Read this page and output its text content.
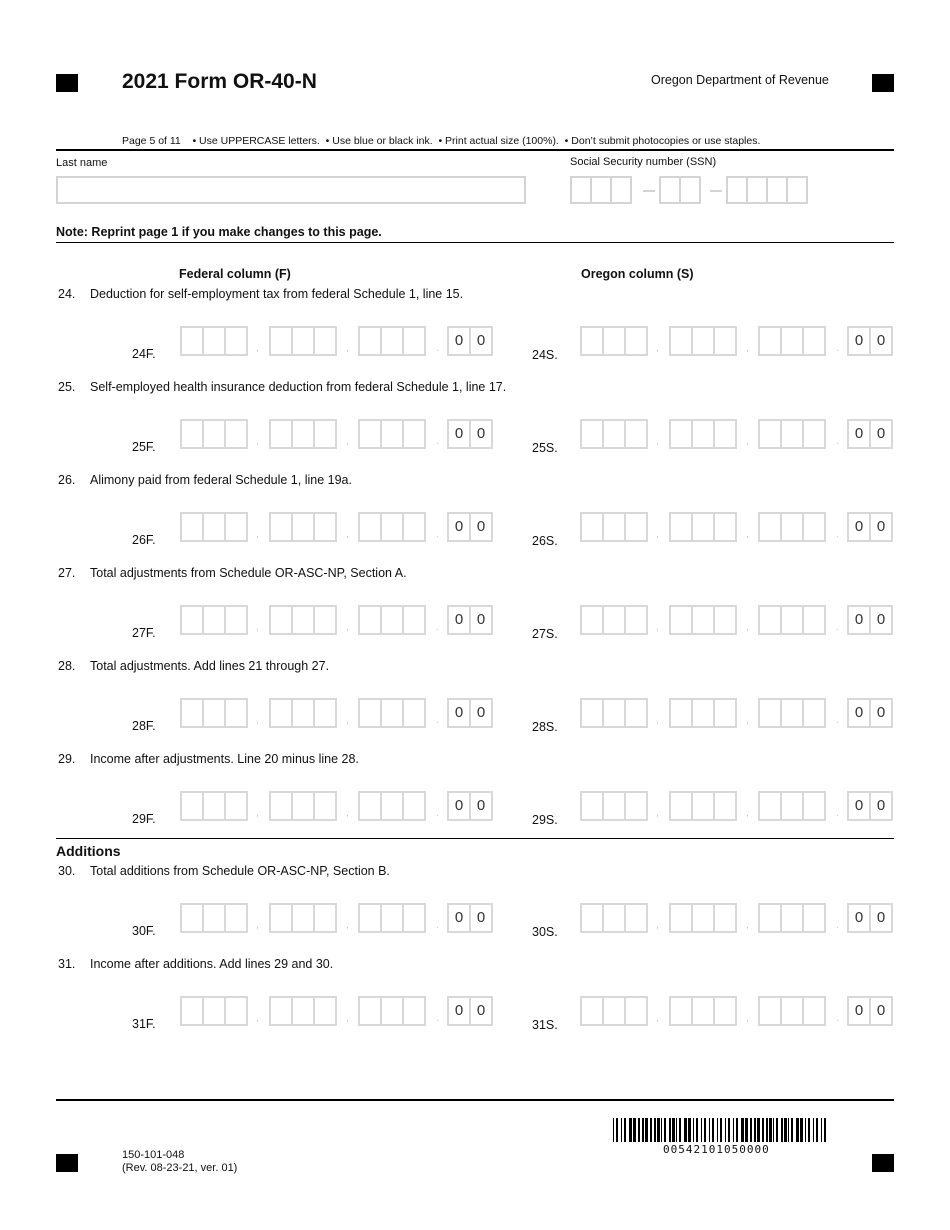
2021 Form OR-40-N	Oregon Department of Revenue
Page 5 of 11    • Use UPPERCASE letters.  • Use blue or black ink.  • Print actual size (100%).  • Don’t submit photocopies or use staples.
Last name	Social Security number (SSN)
Note: Reprint page 1 if you make changes to this page.
Federal column (F)	Oregon column (S)
24. Deduction for self-employment tax from federal Schedule 1, line 15.
24F.	24S.
,	,	.	0 0	,	,	.	0 0
25. Self-employed health insurance deduction from federal Schedule 1, line 17.
25F.	25S.
,	,	.	0 0	,	,	.	0 0
26. Alimony paid from federal Schedule 1, line 19a.
26F.	26S.
,	,	.	0 0	,	,	.	0 0
27. Total adjustments from Schedule OR-ASC-NP, Section A.
27F.	27S.
,	,	.	0 0	,	,	.	0 0
28. Total adjustments. Add lines 21 through 27.
28F.	28S.
,	,	.	0 0	,	,	.	0 0
29. Income after adjustments. Line 20 minus line 28.
29F.	29S.
,	,	.	0 0	,	,	.	0 0
30. Total additions from Schedule OR-ASC-NP, Section B.
30F.	30S.
,	,	.	0 0	,	,	.	0 0
31. Income after additions. Add lines 29 and 30.
31F.	31S.
,	,	.	0 0	,	,	.	0 0
Additions
150-101-048
(Rev. 08-23-21, ver. 01)
00542101050000
